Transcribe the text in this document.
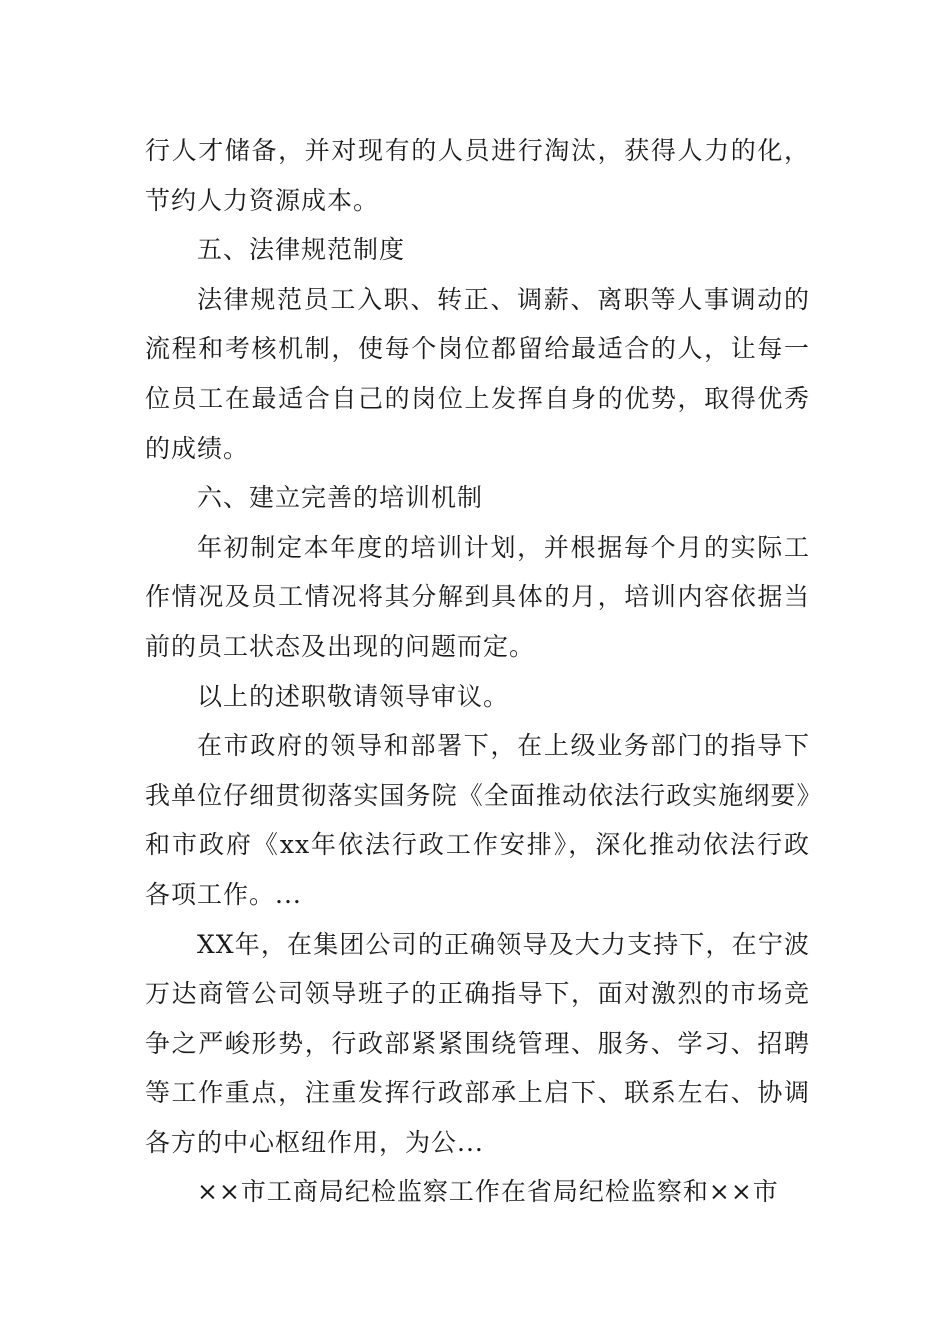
行人才储备，并对现有的人员进行淘汰，获得人力的化，节约人力资源成本。

五、法律规范制度

法律规范员工入职、转正、调薪、离职等人事调动的流程和考核机制，使每个岗位都留给最适合的人，让每一位员工在最适合自己的岗位上发挥自身的优势，取得优秀的成绩。

六、建立完善的培训机制

年初制定本年度的培训计划，并根据每个月的实际工作情况及员工情况将其分解到具体的月，培训内容依据当前的员工状态及出现的问题而定。

以上的述职敬请领导审议。

在市政府的领导和部署下，在上级业务部门的指导下我单位仔细贯彻落实国务院《全面推动依法行政实施纲要》和市政府《xx年依法行政工作安排》，深化推动依法行政各项工作。...

XX年，在集团公司的正确领导及大力支持下，在宁波万达商管公司领导班子的正确指导下，面对激烈的市场竞争之严峻形势，行政部紧紧围绕管理、服务、学习、招聘等工作重点，注重发挥行政部承上启下、联系左右、协调各方的中心枢纽作用，为公...

××市工商局纪检监察工作在省局纪检监察和××市
